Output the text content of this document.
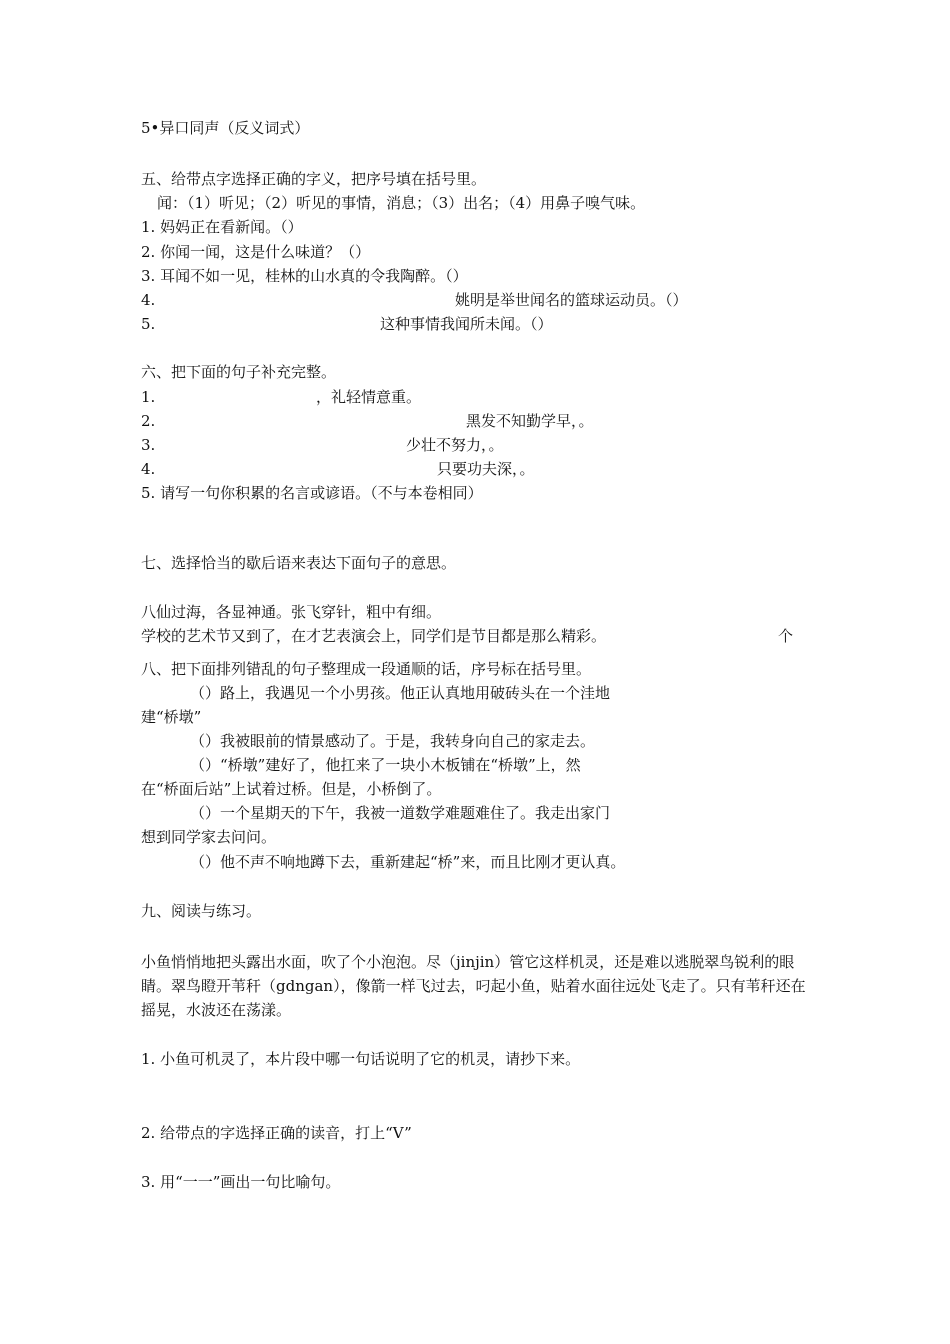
5•异口同声（反义词式）
五、给带点字选择正确的字义，把序号填在括号里。
闻：（1）听见；（2）听见的事情，消息；（3）出名；（4）用鼻子嗅气味。
1. 妈妈正在看新闻。（）
2. 你闻一闻，这是什么味道？（）
3. 耳闻不如一见，桂林的山水真的令我陶醉。（）
4.	姚明是举世闻名的篮球运动员。（）
5.	这种事情我闻所未闻。（）
六、把下面的句子补充完整。
1.	，礼轻情意重。
2.	黑发不知勤学早，。
3.	少壮不努力，。
4.	只要功夫深，。
5. 请写一句你积累的名言或谚语。（不与本卷相同）
七、选择恰当的歇后语来表达下面句子的意思。
八仙过海，各显神通。张飞穿针，粗中有细。
学校的艺术节又到了，在才艺表演会上，同学们是节目都是那么精彩。	个
八、把下面排列错乱的句子整理成一段通顺的话，序号标在括号里。
（）路上，我遇见一个小男孩。他正认真地用破砖头在一个洼地
建“桥墩”
（）我被眼前的情景感动了。于是，我转身向自己的家走去。
（）“桥墩”建好了，他扛来了一块小木板铺在“桥墩”上，然
在“桥面后站”上试着过桥。但是，小桥倒了。
（）一个星期天的下午，我被一道数学难题难住了。我走出家门
想到同学家去问问。
（）他不声不响地蹲下去，重新建起“桥”来，而且比刚才更认真。
九、阅读与练习。
小鱼悄悄地把头露出水面，吹了个小泡泡。尽（jinjin）管它这样机灵，还是难以逃脱翠鸟锐利的眼睛。翠鸟瞪开苇秆（gdngan），像箭一样飞过去，叼起小鱼，贴着水面往远处飞走了。只有苇秆还在摇晃，水波还在荡漾。
1. 小鱼可机灵了，本片段中哪一句话说明了它的机灵，请抄下来。
2. 给带点的字选择正确的读音，打上“V”
3. 用“一一”画出一句比喻句。
